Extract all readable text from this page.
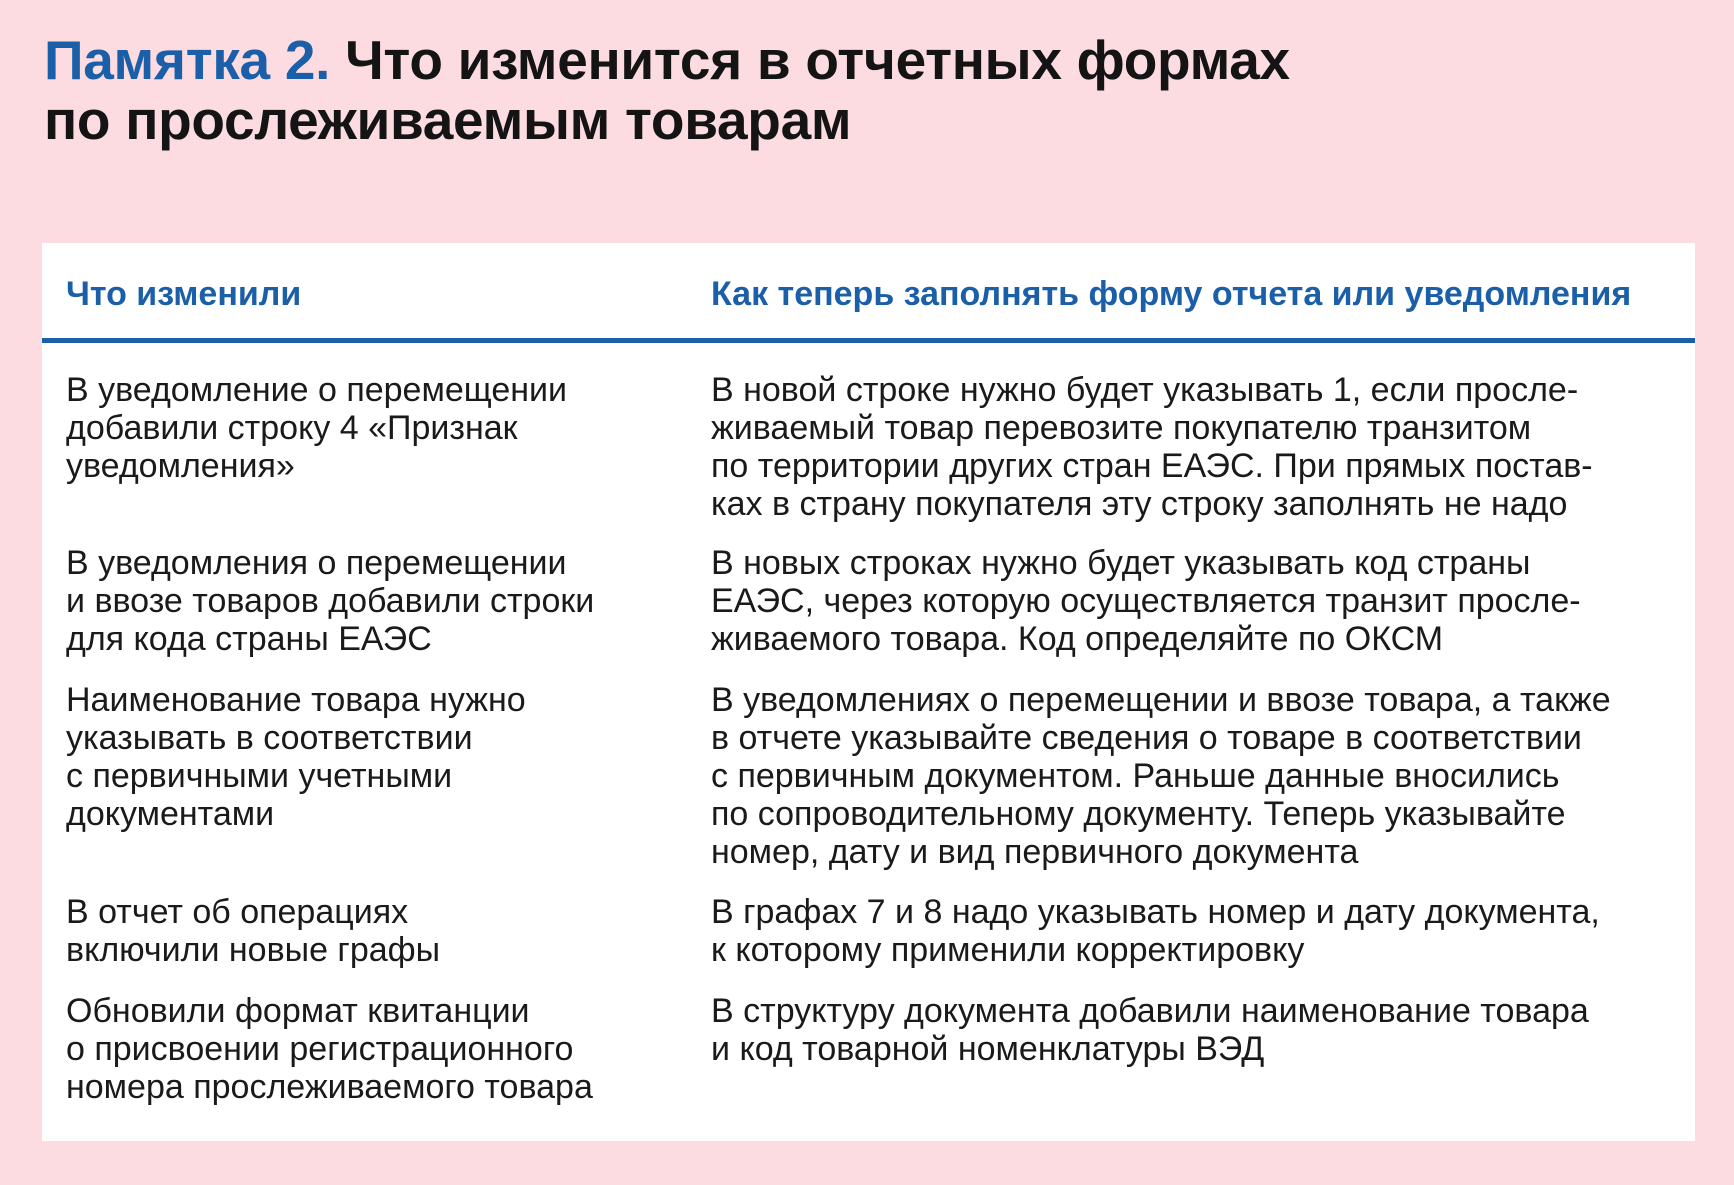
Памятка 2. Что изменится в отчетных формах
по прослеживаемым товарам
Что изменили	Как теперь заполнять форму отчета или уведомления
В уведомление о перемещении
добавили строку 4 «Признак
уведомления»
В новой строке нужно будет указывать 1, если просле-
живаемый товар перевозите покупателю транзитом
по территории других стран ЕАЭС. При прямых постав-
ках в страну покупателя эту строку заполнять не надо
В уведомления о перемещении
и ввозе товаров добавили строки
для кода страны ЕАЭС
В новых строках нужно будет указывать код страны
ЕАЭС, через которую осуществляется транзит просле-
живаемого товара. Код определяйте по ОКСМ
Наименование товара нужно
указывать в соответствии
с первичными учетными
документами
В уведомлениях о перемещении и ввозе товара, а также
в отчете указывайте сведения о товаре в соответствии
с первичным документом. Раньше данные вносились
по сопроводительному документу. Теперь указывайте
номер, дату и вид первичного документа
В отчет об операциях
включили новые графы
В графах 7 и 8 надо указывать номер и дату документа,
к которому применили корректировку
Обновили формат квитанции
о присвоении регистрационного
номера прослеживаемого товара
В структуру документа добавили наименование товара
и код товарной номенклатуры ВЭД
